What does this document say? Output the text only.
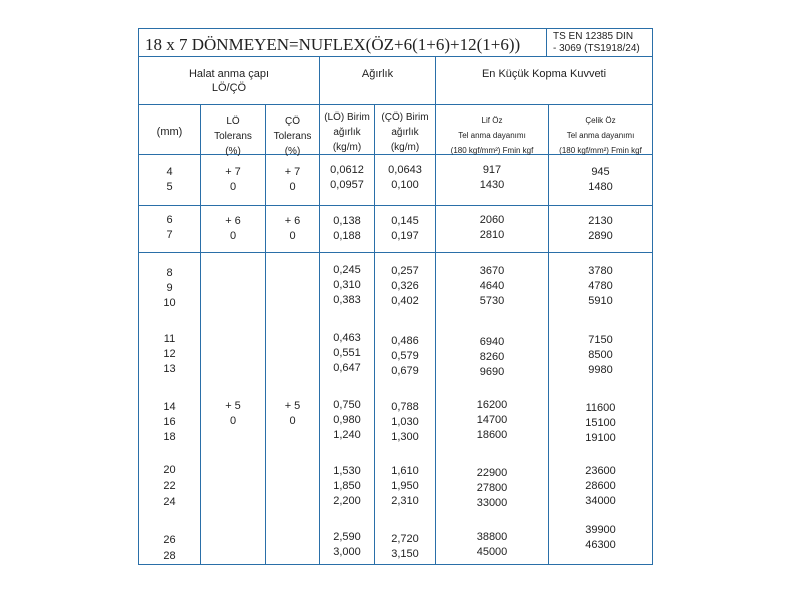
18 x 7 DÖNMEYEN=NUFLEX(ÖZ+6(1+6)+12(1+6))	TS EN 12385 DIN
- 3069 (TS1918/24)
Halat anma çapı
LÖ/ÇÖ
Ağırlık	En Küçük Kopma Kuvveti
(mm)
LÖ
Tolerans
(%)
ÇÖ
Tolerans
(%)
(LÖ) Birim
ağırlık
(kg/m)
(ÇÖ) Birim
ağırlık
(kg/m)
Lif Öz
Tel anma dayanımı
(180 kgf/mm²) Fmin kgf
Çelik Öz
Tel anma dayanımı
(180 kgf/mm²) Fmin kgf
4
5
+ 7
0
+ 7
0
0,0612
0,0957
0,0643
0,100
917
1430
945
1480
6
7
+ 6
0
+ 6
0
0,138
0,188
0,145
0,197
2060
2810
2130
2890
+ 5
0
+ 5
0
8
9
10
0,245
0,310
0,383
0,257
0,326
0,402
3670
4640
5730
3780
4780
5910
11
12
13
0,463
0,551
0,647
0,486
0,579
0,679
6940
8260
9690
7150
8500
9980
14
16
18
0,750
0,980
1,240
0,788
1,030
1,300
16200
14700
18600
11600
15100
19100
20
22
24
1,530
1,850
2,200
1,610
1,950
2,310
22900
27800
33000
23600
28600
34000
26
28
2,590
3,000
2,720
3,150
38800
45000
39900
46300
